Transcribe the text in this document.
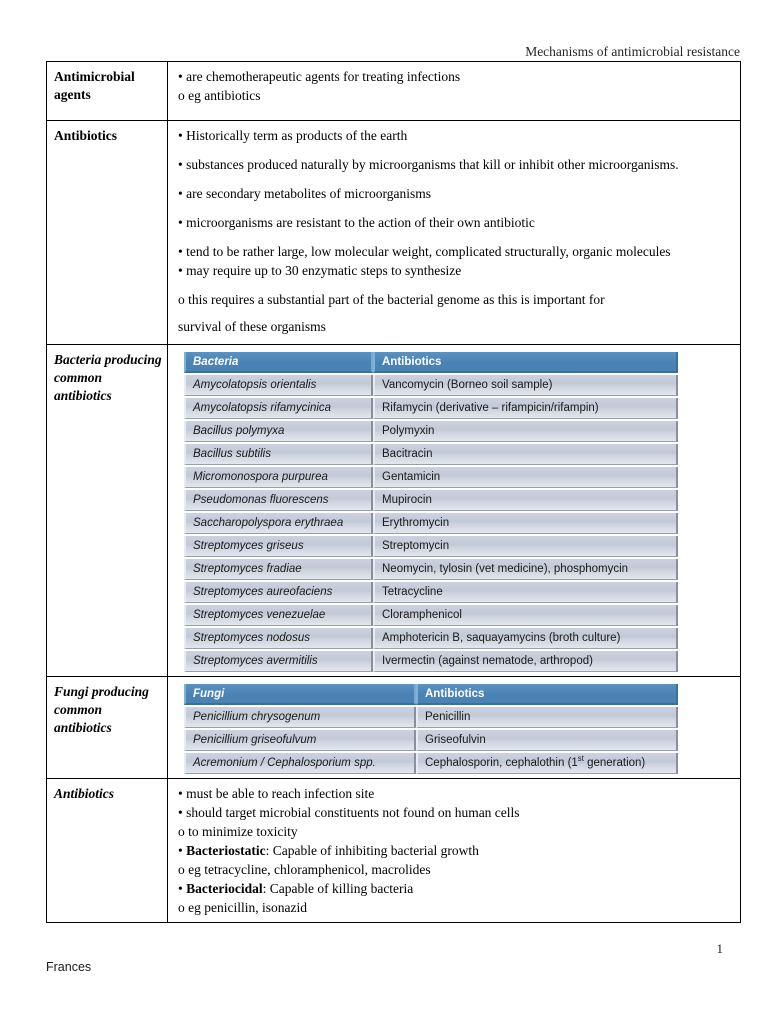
Mechanisms of antimicrobial resistance
Antimicrobial agents	• are chemotherapeutic agents for treating infections
o eg antibiotics

Antibiotics	• Historically term as products of the earth
• substances produced naturally by microorganisms that kill or inhibit other microorganisms.
• are secondary metabolites of microorganisms
• microorganisms are resistant to the action of their own antibiotic
• tend to be rather large, low molecular weight, complicated structurally, organic molecules
• may require up to 30 enzymatic steps to synthesize
o this requires a substantial part of the bacterial genome as this is important for
survival of these organisms

Bacteria producing common antibiotics

Bacteria	Antibiotics
Amycolatopsis orientalis	Vancomycin (Borneo soil sample)
Amycolatopsis rifamycinica	Rifamycin (derivative – rifampicin/rifampin)
Bacillus polymyxa	Polymyxin
Bacillus subtilis	Bacitracin
Micromonospora purpurea	Gentamicin
Pseudomonas fluorescens	Mupirocin
Saccharopolyspora erythraea	Erythromycin
Streptomyces griseus	Streptomycin
Streptomyces fradiae	Neomycin, tylosin (vet medicine), phosphomycin
Streptomyces aureofaciens	Tetracycline
Streptomyces venezuelae	Cloramphenicol
Streptomyces nodosus	Amphotericin B, saquayamycins (broth culture)
Streptomyces avermitilis	Ivermectin (against nematode, arthropod)

Fungi producing common antibiotics

Fungi	Antibiotics
Penicillium chrysogenum	Penicillin
Penicillium griseofulvum	Griseofulvin
Acremonium / Cephalosporium spp.	Cephalosporin, cephalothin (1st generation)

Antibiotics	• must be able to reach infection site
• should target microbial constituents not found on human cells
o to minimize toxicity
• Bacteriostatic: Capable of inhibiting bacterial growth
o eg tetracycline, chloramphenicol, macrolides
• Bacteriocidal: Capable of killing bacteria
o eg penicillin, isonazid
1
Frances
